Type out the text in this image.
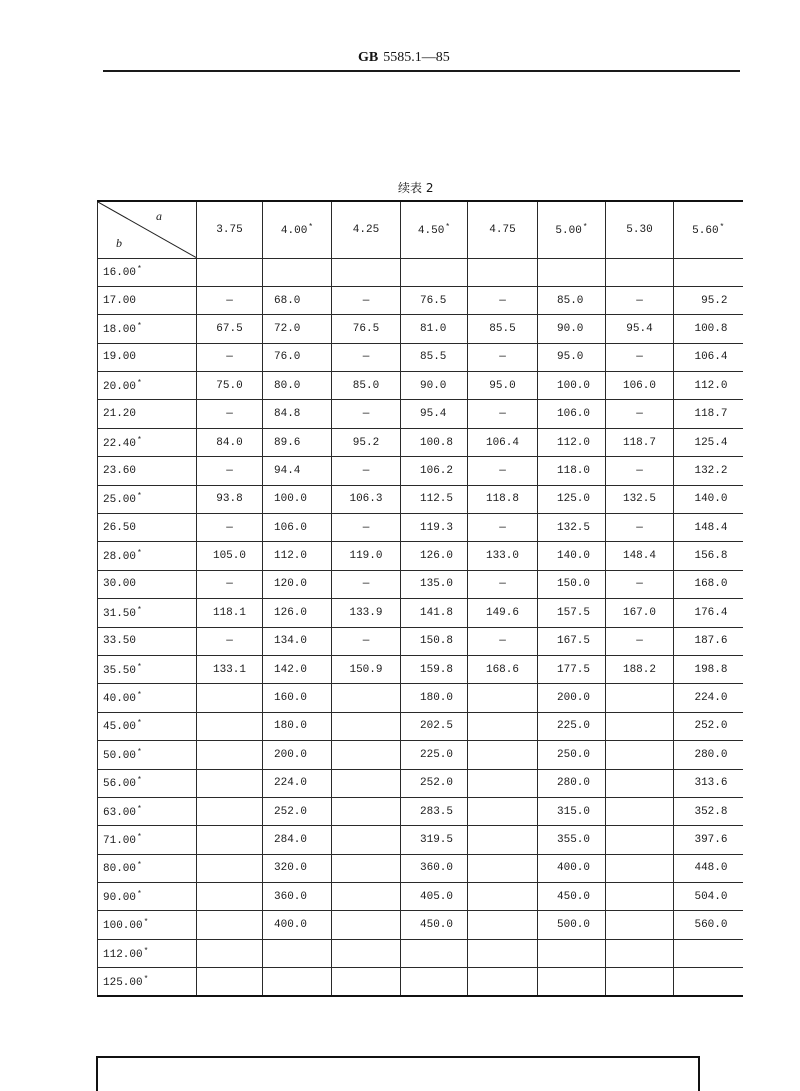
GB 5585.1—85
续表 2
a
b	3.75	4.00*	4.25	4.50*	4.75	5.00*	5.30	5.60*
16.00*								
17.00	—	68.0	—	76.5	—	85.0	—	95.2
18.00*	67.5	72.0	76.5	81.0	85.5	90.0	95.4	100.8
19.00	—	76.0	—	85.5	—	95.0	—	106.4
20.00*	75.0	80.0	85.0	90.0	95.0	100.0	106.0	112.0
21.20	—	84.8	—	95.4	—	106.0	—	118.7
22.40*	84.0	89.6	95.2	100.8	106.4	112.0	118.7	125.4
23.60	—	94.4	—	106.2	—	118.0	—	132.2
25.00*	93.8	100.0	106.3	112.5	118.8	125.0	132.5	140.0
26.50	—	106.0	—	119.3	—	132.5	—	148.4
28.00*	105.0	112.0	119.0	126.0	133.0	140.0	148.4	156.8
30.00	—	120.0	—	135.0	—	150.0	—	168.0
31.50*	118.1	126.0	133.9	141.8	149.6	157.5	167.0	176.4
33.50	—	134.0	—	150.8	—	167.5	—	187.6
35.50*	133.1	142.0	150.9	159.8	168.6	177.5	188.2	198.8
40.00*		160.0		180.0		200.0		224.0
45.00*		180.0		202.5		225.0		252.0
50.00*		200.0		225.0		250.0		280.0
56.00*		224.0		252.0		280.0		313.6
63.00*		252.0		283.5		315.0		352.8
71.00*		284.0		319.5		355.0		397.6
80.00*		320.0		360.0		400.0		448.0
90.00*		360.0		405.0		450.0		504.0
100.00*		400.0		450.0		500.0		560.0
112.00*								
125.00*								
